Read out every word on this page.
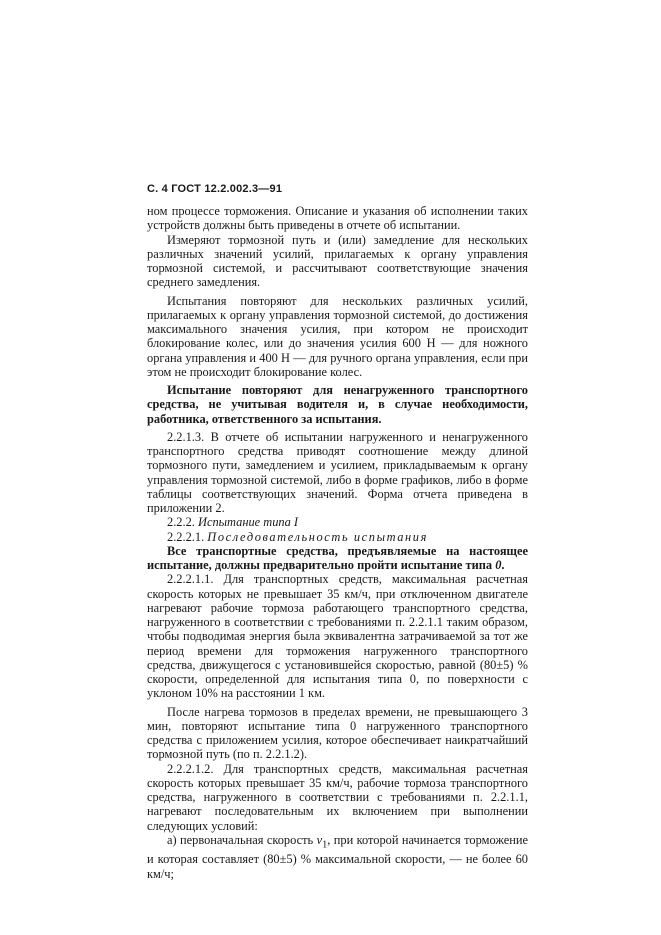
С. 4 ГОСТ 12.2.002.3—91

ном процессе торможения. Описание и указания об исполнении таких устройств должны быть приведены в отчете об испытании.

Измеряют тормозной путь и (или) замедление для нескольких различных значений усилий, прилагаемых к органу управления тормозной системой, и рассчитывают соответствующие значения среднего замедления.

Испытания повторяют для нескольких различных усилий, прилагаемых к органу управления тормозной системой, до достижения максимального значения усилия, при котором не происходит блокирование колес, или до значения усилия 600 Н — для ножного органа управления и 400 Н — для ручного органа управления, если при этом не происходит блокирование колес.

Испытание повторяют для ненагруженного транспортного средства, не учитывая водителя и, в случае необходимости, работника, ответственного за испытания.

2.2.1.3. В отчете об испытании нагруженного и ненагруженного транспортного средства приводят соотношение между длиной тормозного пути, замедлением и усилием, прикладываемым к органу управления тормозной системой, либо в форме графиков, либо в форме таблицы соответствующих значений. Форма отчета приведена в приложении 2.

2.2.2. Испытание типа I

2.2.2.1. Последовательность испытания

Все транспортные средства, предъявляемые на настоящее испытание, должны предварительно пройти испытание типа 0.

2.2.2.1.1. Для транспортных средств, максимальная расчетная скорость которых не превышает 35 км/ч, при отключенном двигателе нагревают рабочие тормоза работающего транспортного средства, нагруженного в соответствии с требованиями п. 2.2.1.1 таким образом, чтобы подводимая энергия была эквивалентна затрачиваемой за тот же период времени для торможения нагруженного транспортного средства, движущегося с установившейся скоростью, равной (80±5) % скорости, определенной для испытания типа 0, по поверхности с уклоном 10% на расстоянии 1 км.

После нагрева тормозов в пределах времени, не превышающего 3 мин, повторяют испытание типа 0 нагруженного транспортного средства с приложением усилия, которое обеспечивает наикратчайший тормозной путь (по п. 2.2.1.2).

2.2.2.1.2. Для транспортных средств, максимальная расчетная скорость которых превышает 35 км/ч, рабочие тормоза транспортного средства, нагруженного в соответствии с требованиями п. 2.2.1.1, нагревают последовательным их включением при выполнении следующих условий:

а) первоначальная скорость $v_1$, при которой начинается торможение и которая составляет (80±5) % максимальной скорости, — не более 60 км/ч;
